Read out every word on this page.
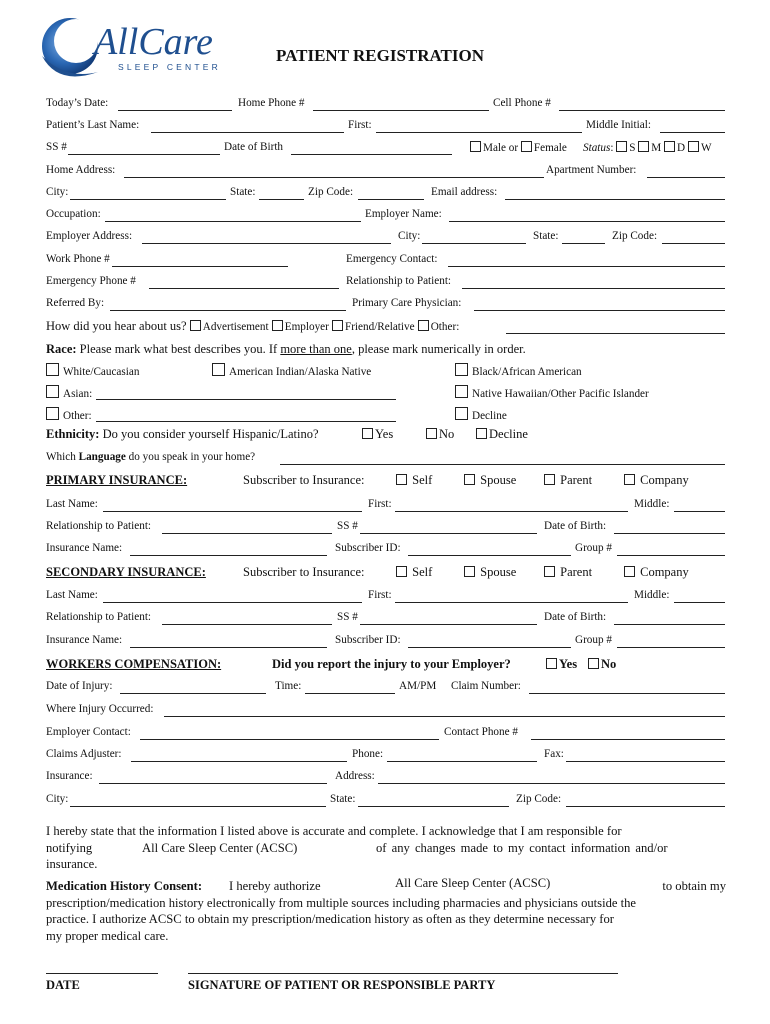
AllCare
SLEEP CENTER
PATIENT REGISTRATION
Today’s Date:	Home Phone #	Cell Phone #
Patient’s Last Name:	First:	Middle Initial:
SS #	Date of Birth	Male or Female Status: S M D W
Home Address:	Apartment Number:
City:	State:	Zip Code:	Email address:
Occupation:	Employer Name:
Employer Address:	City:	State:	Zip Code:
Work Phone #	Emergency Contact:
Emergency Phone #	Relationship to Patient:
Referred By:	Primary Care Physician:
How did you hear about us? Advertisement Employer Friend/Relative Other:
Race: Please mark what best describes you. If more than one, please mark numerically in order.
White/Caucasian	American Indian/Alaska Native	Black/African American
Asian:	Native Hawaiian/Other Pacific Islander
Other:	Decline
Ethnicity: Do you consider yourself Hispanic/Latino?	Yes	No	Decline
Which Language do you speak in your home?
PRIMARY INSURANCE:	Subscriber to Insurance:	Self	Spouse	Parent	Company
Last Name:	First:	Middle:
Relationship to Patient:	SS #	Date of Birth:
Insurance Name:	Subscriber ID:	Group #
SECONDARY INSURANCE:	Subscriber to Insurance:	Self	Spouse	Parent	Company
Last Name:	First:	Middle:
Relationship to Patient:	SS #	Date of Birth:
Insurance Name:	Subscriber ID:	Group #
WORKERS COMPENSATION:	Did you report the injury to your Employer?	Yes	No
Date of Injury:	Time:	AM/PM Claim Number:
Where Injury Occurred:
Employer Contact:	Contact Phone #
Claims Adjuster:	Phone:	Fax:
Insurance:	Address:
City:	State:	Zip Code:
I hereby state that the information I listed above is accurate and complete. I acknowledge that I am responsible for
notifying	All Care Sleep Center (ACSC)	of any changes made to my contact information and/or
insurance.
Medication History Consent: I hereby authorize	All Care Sleep Center (ACSC)	to obtain my
prescription/medication history electronically from multiple sources including pharmacies and physicians outside the
practice. I authorize ACSC to obtain my prescription/medication history as often as they determine necessary for
my proper medical care.
DATE	SIGNATURE OF PATIENT OR RESPONSIBLE PARTY
